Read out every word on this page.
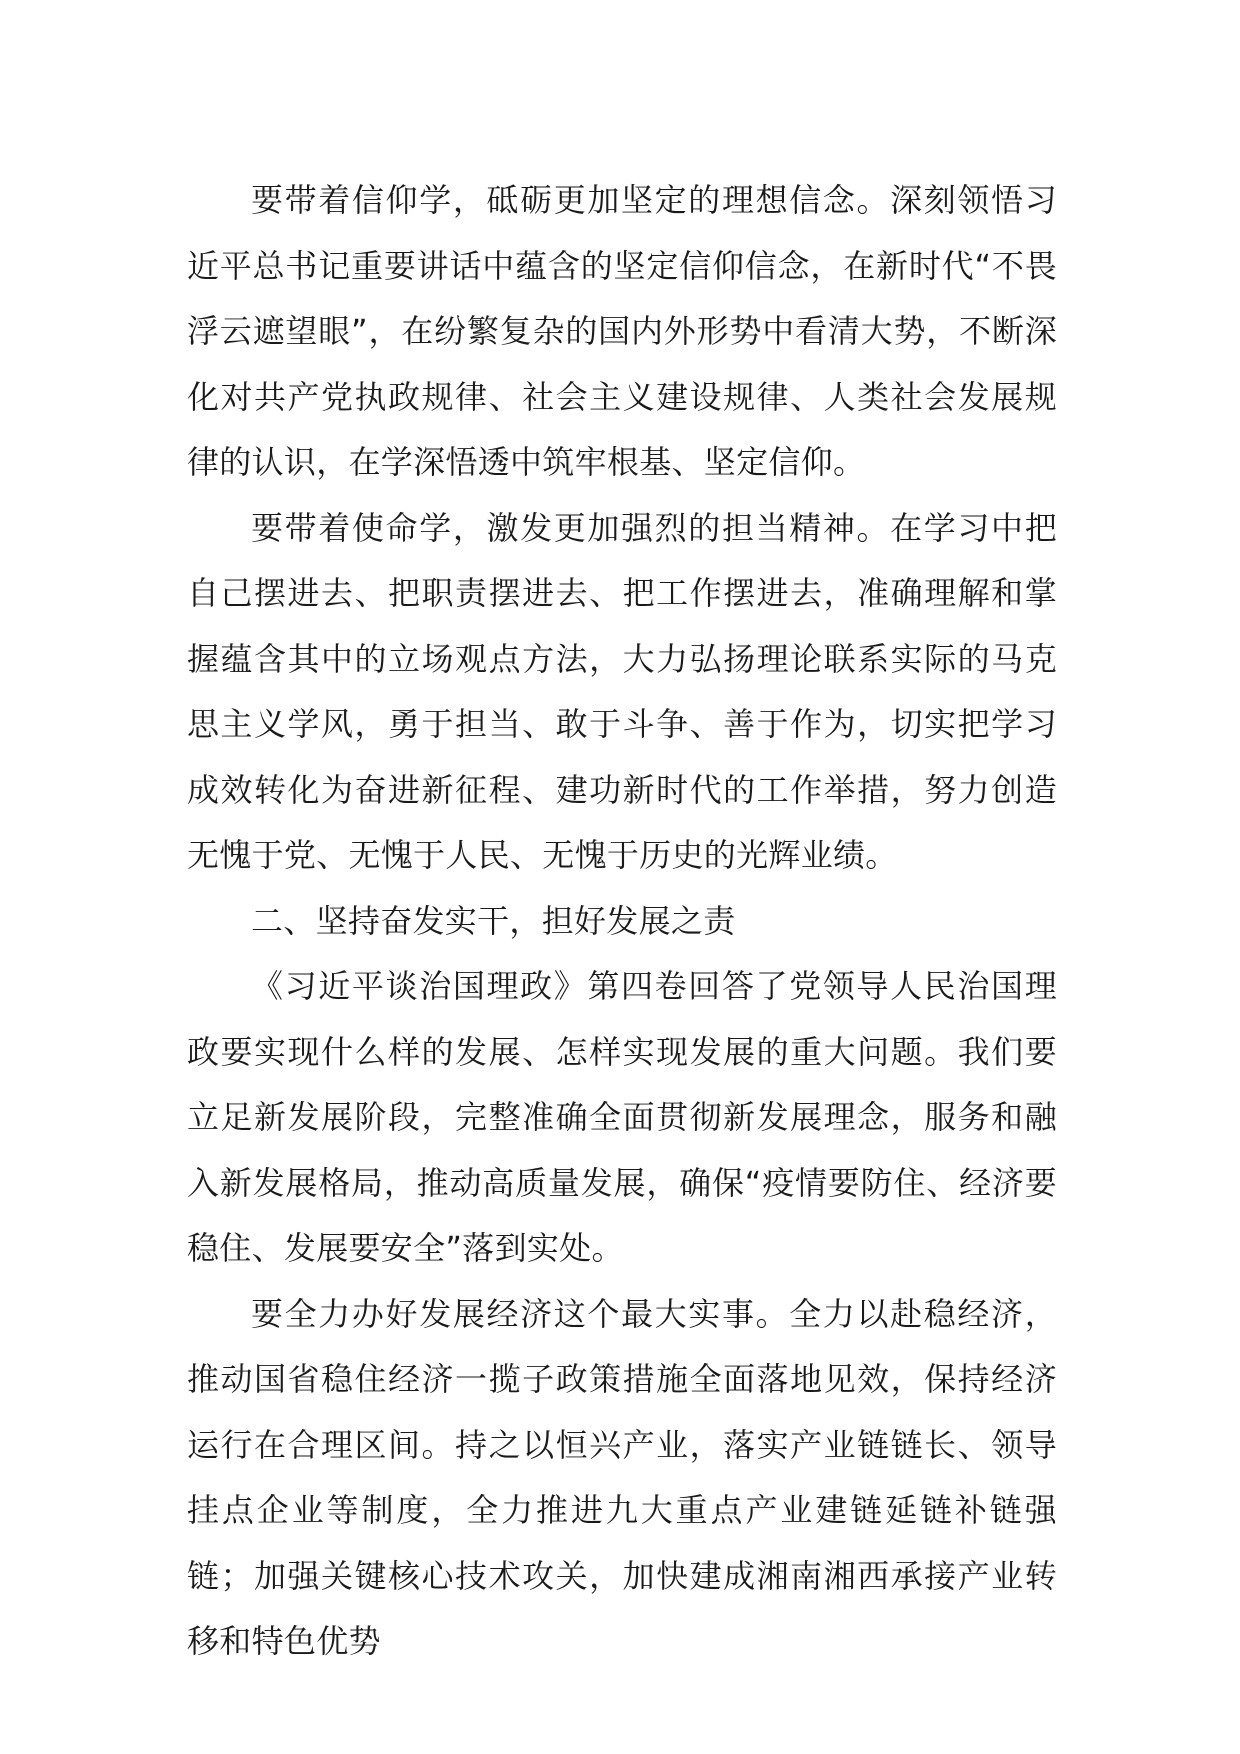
要带着信仰学，砥砺更加坚定的理想信念。深刻领悟习近平总书记重要讲话中蕴含的坚定信仰信念，在新时代“不畏浮云遮望眼”，在纷繁复杂的国内外形势中看清大势，不断深化对共产党执政规律、社会主义建设规律、人类社会发展规律的认识，在学深悟透中筑牢根基、坚定信仰。

要带着使命学，激发更加强烈的担当精神。在学习中把自己摆进去、把职责摆进去、把工作摆进去，准确理解和掌握蕴含其中的立场观点方法，大力弘扬理论联系实际的马克思主义学风，勇于担当、敢于斗争、善于作为，切实把学习成效转化为奋进新征程、建功新时代的工作举措，努力创造无愧于党、无愧于人民、无愧于历史的光辉业绩。

二、坚持奋发实干，担好发展之责

《习近平谈治国理政》第四卷回答了党领导人民治国理政要实现什么样的发展、怎样实现发展的重大问题。我们要立足新发展阶段，完整准确全面贯彻新发展理念，服务和融入新发展格局，推动高质量发展，确保“疫情要防住、经济要稳住、发展要安全”落到实处。

要全力办好发展经济这个最大实事。全力以赴稳经济，推动国省稳住经济一揽子政策措施全面落地见效，保持经济运行在合理区间。持之以恒兴产业，落实产业链链长、领导挂点企业等制度，全力推进九大重点产业建链延链补链强链；加强关键核心技术攻关，加快建成湘南湘西承接产业转移和特色优势
